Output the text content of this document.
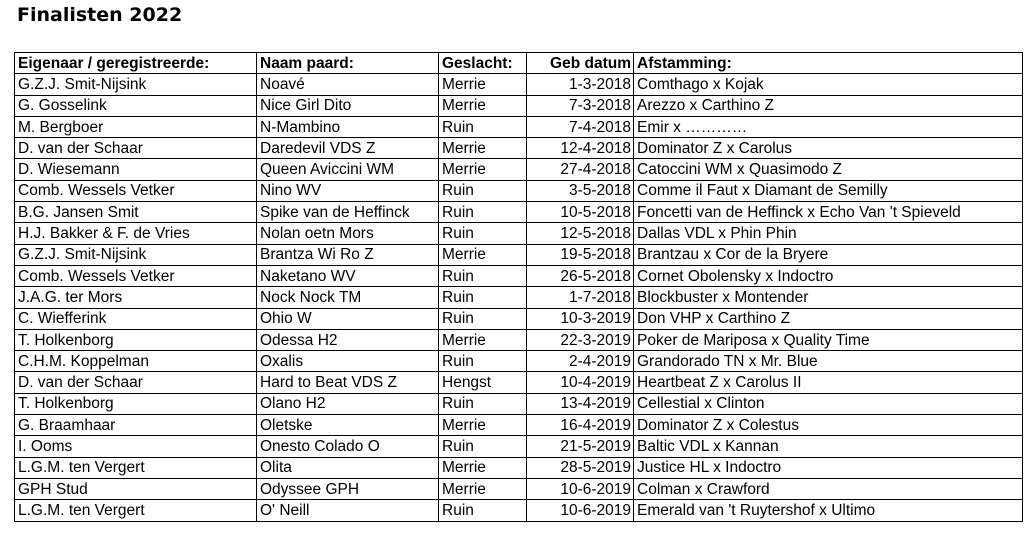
Finalisten 2022
Eigenaar / geregistreerde:	Naam paard:	Geslacht:	Geb datum	Afstamming:
G.Z.J. Smit-Nijsink	Noavé	Merrie	1-3-2018	Comthago x Kojak
G. Gosselink	Nice Girl Dito	Merrie	7-3-2018	Arezzo x Carthino Z
M. Bergboer	N-Mambino	Ruin	7-4-2018	Emir x …………
D. van der Schaar	Daredevil VDS Z	Merrie	12-4-2018	Dominator Z x Carolus
D. Wiesemann	Queen Aviccini WM	Merrie	27-4-2018	Catoccini WM x Quasimodo Z
Comb. Wessels Vetker	Nino WV	Ruin	3-5-2018	Comme il Faut x Diamant de Semilly
B.G. Jansen Smit	Spike van de Heffinck	Ruin	10-5-2018	Foncetti van de Heffinck x Echo Van 't Spieveld
H.J. Bakker & F. de Vries	Nolan oetn Mors	Ruin	12-5-2018	Dallas VDL x Phin Phin
G.Z.J. Smit-Nijsink	Brantza Wi Ro Z	Merrie	19-5-2018	Brantzau x Cor de la Bryere
Comb. Wessels Vetker	Naketano WV	Ruin	26-5-2018	Cornet Obolensky x Indoctro
J.A.G. ter Mors	Nock Nock TM	Ruin	1-7-2018	Blockbuster x Montender
C. Wiefferink	Ohio W	Ruin	10-3-2019	Don VHP x Carthino Z
T. Holkenborg	Odessa H2	Merrie	22-3-2019	Poker de Mariposa x Quality Time
C.H.M. Koppelman	Oxalis	Ruin	2-4-2019	Grandorado TN x Mr. Blue
D. van der Schaar	Hard to Beat VDS Z	Hengst	10-4-2019	Heartbeat Z x Carolus II
T. Holkenborg	Olano H2	Ruin	13-4-2019	Cellestial x Clinton
G. Braamhaar	Oletske	Merrie	16-4-2019	Dominator Z x Colestus
I. Ooms	Onesto Colado O	Ruin	21-5-2019	Baltic VDL x Kannan
L.G.M. ten Vergert	Olita	Merrie	28-5-2019	Justice HL x Indoctro
GPH Stud	Odyssee GPH	Merrie	10-6-2019	Colman x Crawford
L.G.M. ten Vergert	O' Neill	Ruin	10-6-2019	Emerald van 't Ruytershof x Ultimo
